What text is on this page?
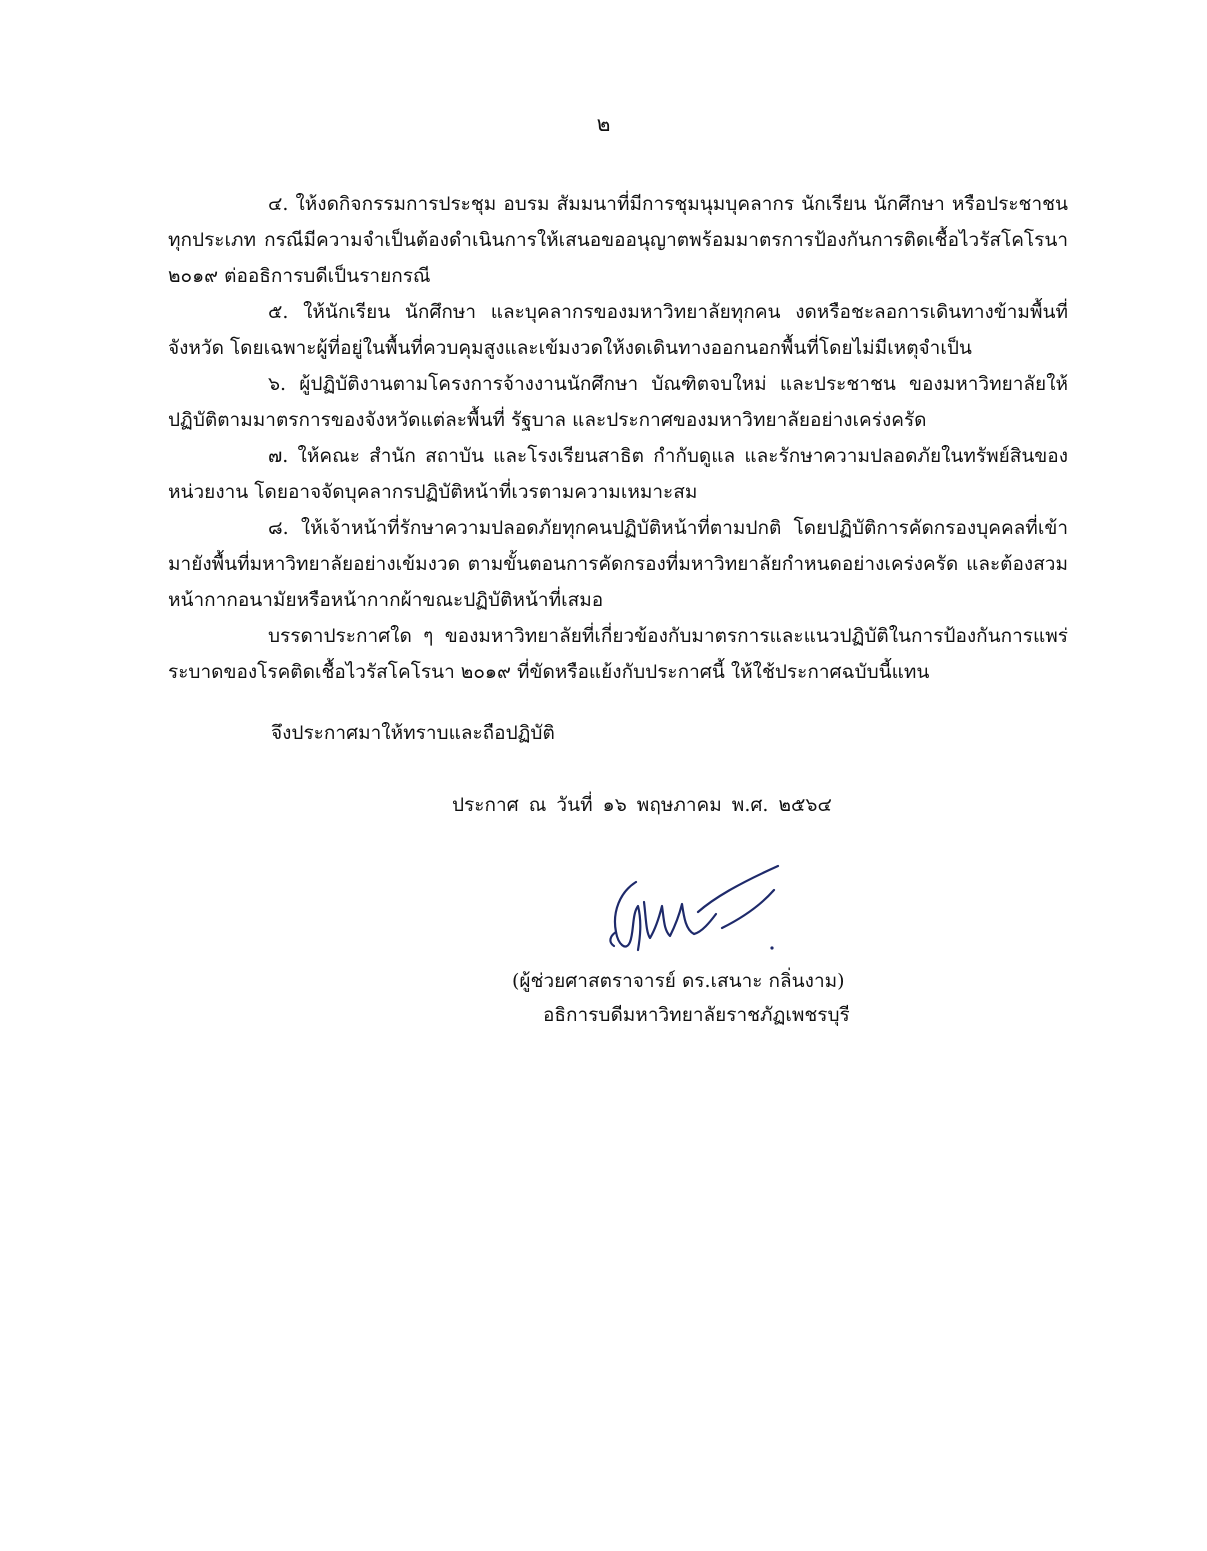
๒

๔. ให้งดกิจกรรมการประชุม อบรม สัมมนาที่มีการชุมนุมบุคลากร นักเรียน นักศึกษา หรือประชาชน ทุกประเภท กรณีมีความจำเป็นต้องดำเนินการให้เสนอขออนุญาตพร้อมมาตรการป้องกันการติดเชื้อไวรัสโคโรนา ๒๐๑๙ ต่ออธิการบดีเป็นรายกรณี

๕. ให้นักเรียน นักศึกษา และบุคลากรของมหาวิทยาลัยทุกคน งดหรือชะลอการเดินทางข้ามพื้นที่จังหวัด โดยเฉพาะผู้ที่อยู่ในพื้นที่ควบคุมสูงและเข้มงวดให้งดเดินทางออกนอกพื้นที่โดยไม่มีเหตุจำเป็น

๖. ผู้ปฏิบัติงานตามโครงการจ้างงานนักศึกษา บัณฑิตจบใหม่ และประชาชน ของมหาวิทยาลัยให้ปฏิบัติตามมาตรการของจังหวัดแต่ละพื้นที่ รัฐบาล และประกาศของมหาวิทยาลัยอย่างเคร่งครัด

๗. ให้คณะ สำนัก สถาบัน และโรงเรียนสาธิต กำกับดูแล และรักษาความปลอดภัยในทรัพย์สินของหน่วยงาน โดยอาจจัดบุคลากรปฏิบัติหน้าที่เวรตามความเหมาะสม

๘. ให้เจ้าหน้าที่รักษาความปลอดภัยทุกคนปฏิบัติหน้าที่ตามปกติ โดยปฏิบัติการคัดกรองบุคคลที่เข้ามายังพื้นที่มหาวิทยาลัยอย่างเข้มงวด ตามขั้นตอนการคัดกรองที่มหาวิทยาลัยกำหนดอย่างเคร่งครัด และต้องสวมหน้ากากอนามัยหรือหน้ากากผ้าขณะปฏิบัติหน้าที่เสมอ

บรรดาประกาศใด ๆ ของมหาวิทยาลัยที่เกี่ยวข้องกับมาตรการและแนวปฏิบัติในการป้องกันการแพร่ระบาดของโรคติดเชื้อไวรัสโคโรนา ๒๐๑๙ ที่ขัดหรือแย้งกับประกาศนี้ ให้ใช้ประกาศฉบับนี้แทน

จึงประกาศมาให้ทราบและถือปฏิบัติ
ประกาศ ณ วันที่ ๑๖ พฤษภาคม พ.ศ. ๒๕๖๔
(ผู้ช่วยศาสตราจารย์ ดร.เสนาะ กลิ่นงาม)
อธิการบดีมหาวิทยาลัยราชภัฏเพชรบุรี
